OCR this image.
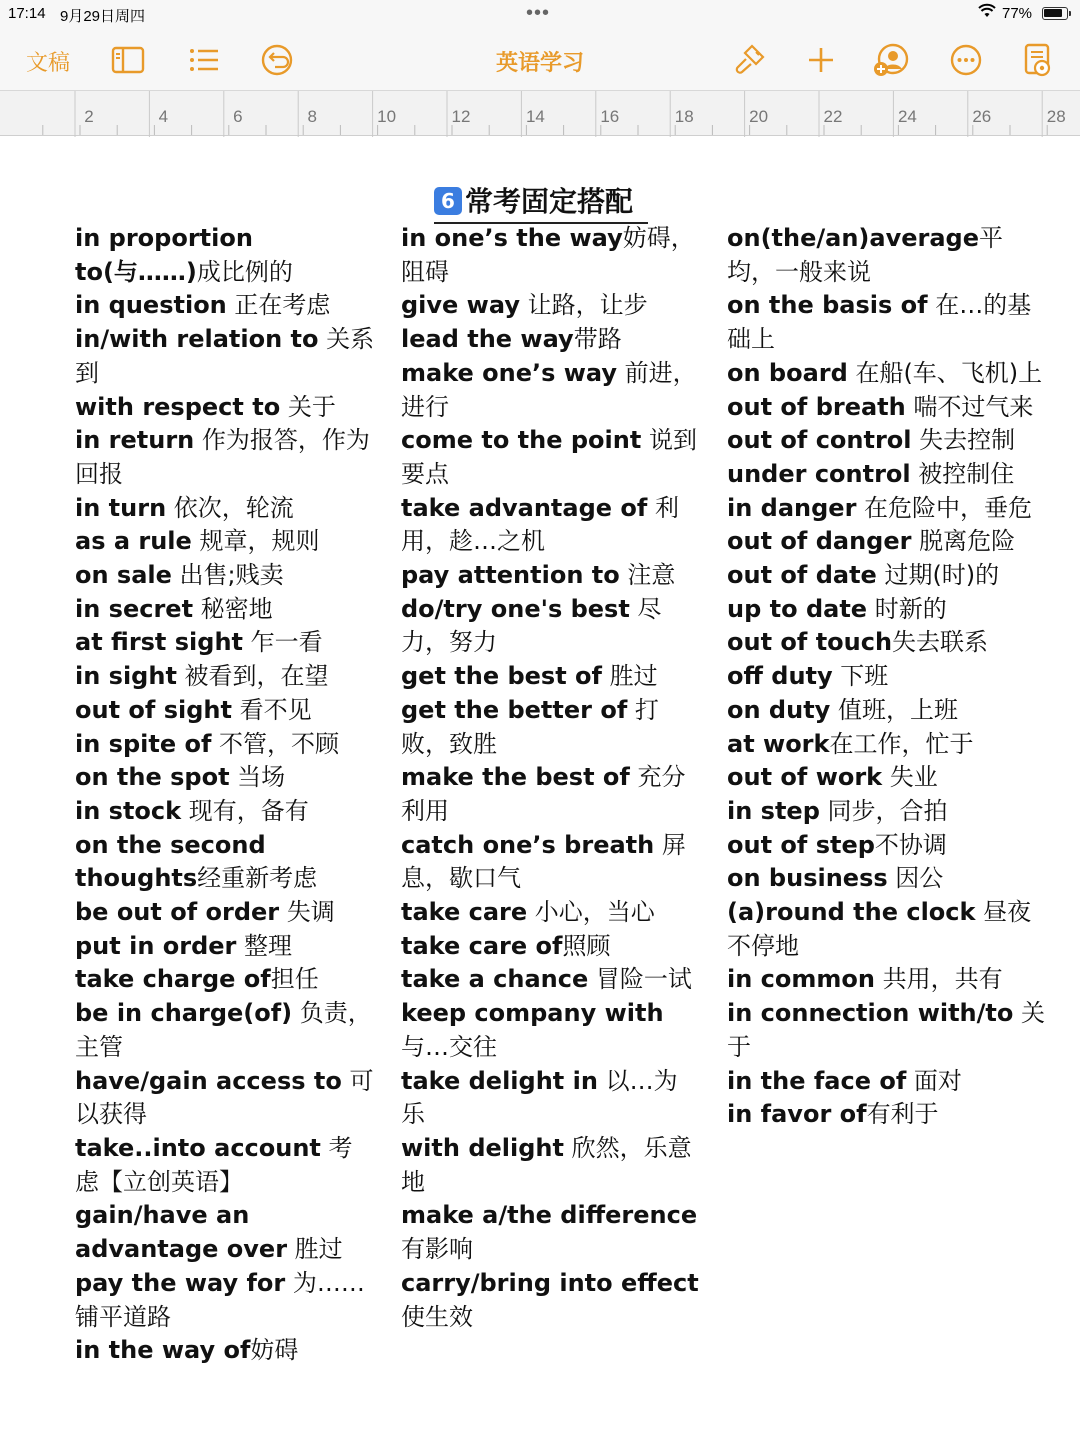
17:14 9月29日周四	•••	77%
文稿	英语学习
2	4	6	8	10	12	14	16	18	20	22	24	26	28
6 常考固定搭配

in proportion to(与……)成比例的

in question 正在考虑

in/with relation to 关系到

with respect to 关于

in return 作为报答，作为回报

in turn 依次，轮流

as a rule 规章，规则

on sale 出售;贱卖

in secret 秘密地

at first sight 乍一看

in sight 被看到，在望

out of sight 看不见

in spite of 不管，不顾

on the spot 当场

in stock 现有，备有

on the second thoughts经重新考虑

be out of order 失调

put in order 整理

take charge of担任

be in charge(of) 负责，主管

have/gain access to 可以获得

take..into account 考虑【立创英语】

gain/have an advantage over 胜过

pay the way for 为……铺平道路

in the way of妨碍

in one’s the way妨碍，阻碍

give way 让路，让步

lead the way带路

make one’s way 前进，进行

come to the point 说到要点

take advantage of 利用，趁…之机

pay attention to 注意

do/try one's best 尽力，努力

get the best of 胜过

get the better of 打败，致胜

make the best of 充分利用

catch one’s breath 屏息，歇口气

take care 小心，当心

take care of照顾

take a chance 冒险一试

keep company with 与…交往

take delight in 以…为乐

with delight 欣然，乐意地

make a/the difference 有影响

carry/bring into effect 使生效

on(the/an)average平均，一般来说

on the basis of 在…的基础上

on board 在船(车、飞机)上

out of breath 喘不过气来

out of control 失去控制

under control 被控制住

in danger 在危险中，垂危

out of danger 脱离危险

out of date 过期(时)的

up to date 时新的

out of touch失去联系

off duty 下班

on duty 值班，上班

at work在工作，忙于

out of work 失业

in step 同步，合拍

out of step不协调

on business 因公

(a)round the clock 昼夜不停地

in common 共用，共有

in connection with/to 关于

in the face of 面对

in favor of有利于
